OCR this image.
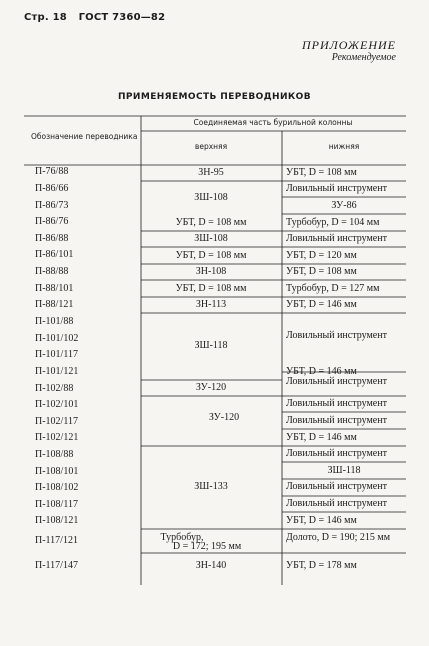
Стр. 18 ГОСТ 7360—82
ПРИЛОЖЕНИЕ
Рекомендуемое
ПРИМЕНЯЕМОСТЬ ПЕРЕВОДНИКОВ
Обозначение переводника
Соединяемая часть бурильной колонны
верхняя	нижняя
П-76/88
П-86/66
П-86/73
П-86/76
П-86/88
П-86/101
П-88/88
П-88/101
П-88/121
П-101/88
П-101/102
П-101/117
П-101/121
П-102/88
П-102/101
П-102/117
П-102/121
П-108/88
П-108/101
П-108/102
П-108/117
П-108/121
П-117/121
П-117/147
ЗН-95
ЗШ-108
УБТ, D = 108 мм
ЗШ-108
УБТ, D = 108 мм
ЗН-108
УБТ, D = 108 мм
ЗН-113
ЗШ-118
ЗУ-120
ЗУ-120
ЗШ-133
Турбобур,
D = 172; 195 мм
ЗН-140
УБТ, D = 108 мм
Ловильный инструмент
ЗУ-86
Турбобур, D = 104 мм
Ловильный инструмент
УБТ, D = 120 мм
УБТ, D = 108 мм
Турбобур, D = 127 мм
УБТ, D = 146 мм
Ловильный инструмент
УБТ, D = 146 мм
Ловильный инструмент
Ловильный инструмент
Ловильный инструмент
УБТ, D = 146 мм
Ловильный инструмент
ЗШ-118
Ловильный инструмент
Ловильный инструмент
УБТ, D = 146 мм
Долото, D = 190; 215 мм
УБТ, D = 178 мм
